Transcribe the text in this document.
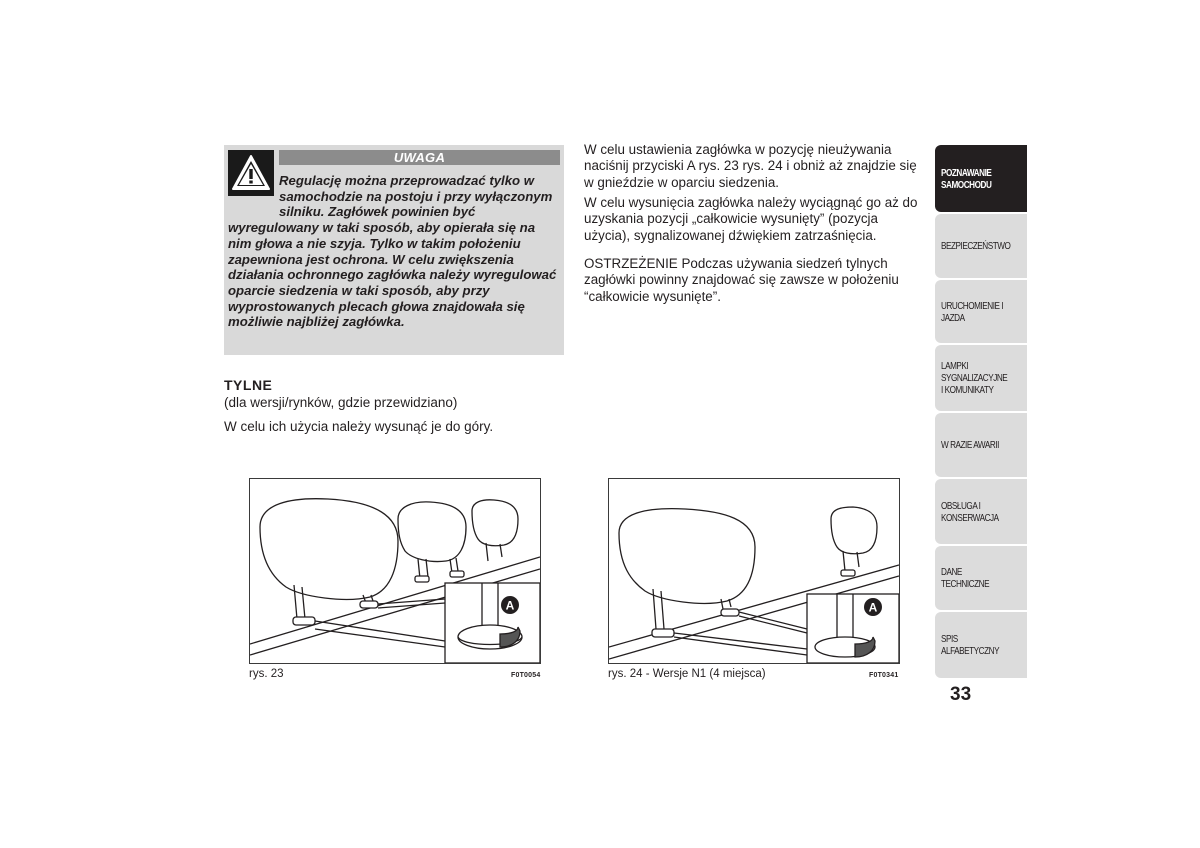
UWAGA

Regulację można przeprowadzać tylko w samochodzie na postoju i przy wyłączonym silniku. Zagłówek powinien być wyregulowany w taki sposób, aby opierała się na nim głowa a nie szyja. Tylko w takim położeniu zapewniona jest ochrona. W celu zwiększenia działania ochronnego zagłówka należy wyregulować oparcie siedzenia w taki sposób, aby przy wyprostowanych plecach głowa znajdowała się możliwie najbliżej zagłówka.

TYLNE
(dla wersji/rynków, gdzie przewidziano)
W celu ich użycia należy wysunąć je do góry.

W celu ustawienia zagłówka w pozycję nieużywania naciśnij przyciski A rys. 23 rys. 24 i obniż aż znajdzie się w gnieździe w oparciu siedzenia.

W celu wysunięcia zagłówka należy wyciągnąć go aż do uzyskania pozycji „całkowicie wysunięty” (pozycja użycia), sygnalizowanej dźwiękiem zatrzaśnięcia.

OSTRZEŻENIE Podczas używania siedzeń tylnych zagłówki powinny znajdować się zawsze w położeniu “całkowicie wysunięte”.

A
rys. 23	F0T0054
A
rys. 24 - Wersje N1 (4 miejsca)	F0T0341
POZNAWANIE SAMOCHODU
BEZPIECZEŃSTWO
URUCHOMIENIE I JAZDA
LAMPKI SYGNALIZACYJNE I KOMUNIKATY
W RAZIE AWARII
OBSŁUGA I KONSERWACJA
DANE TECHNICZNE
SPIS ALFABETYCZNY
33
